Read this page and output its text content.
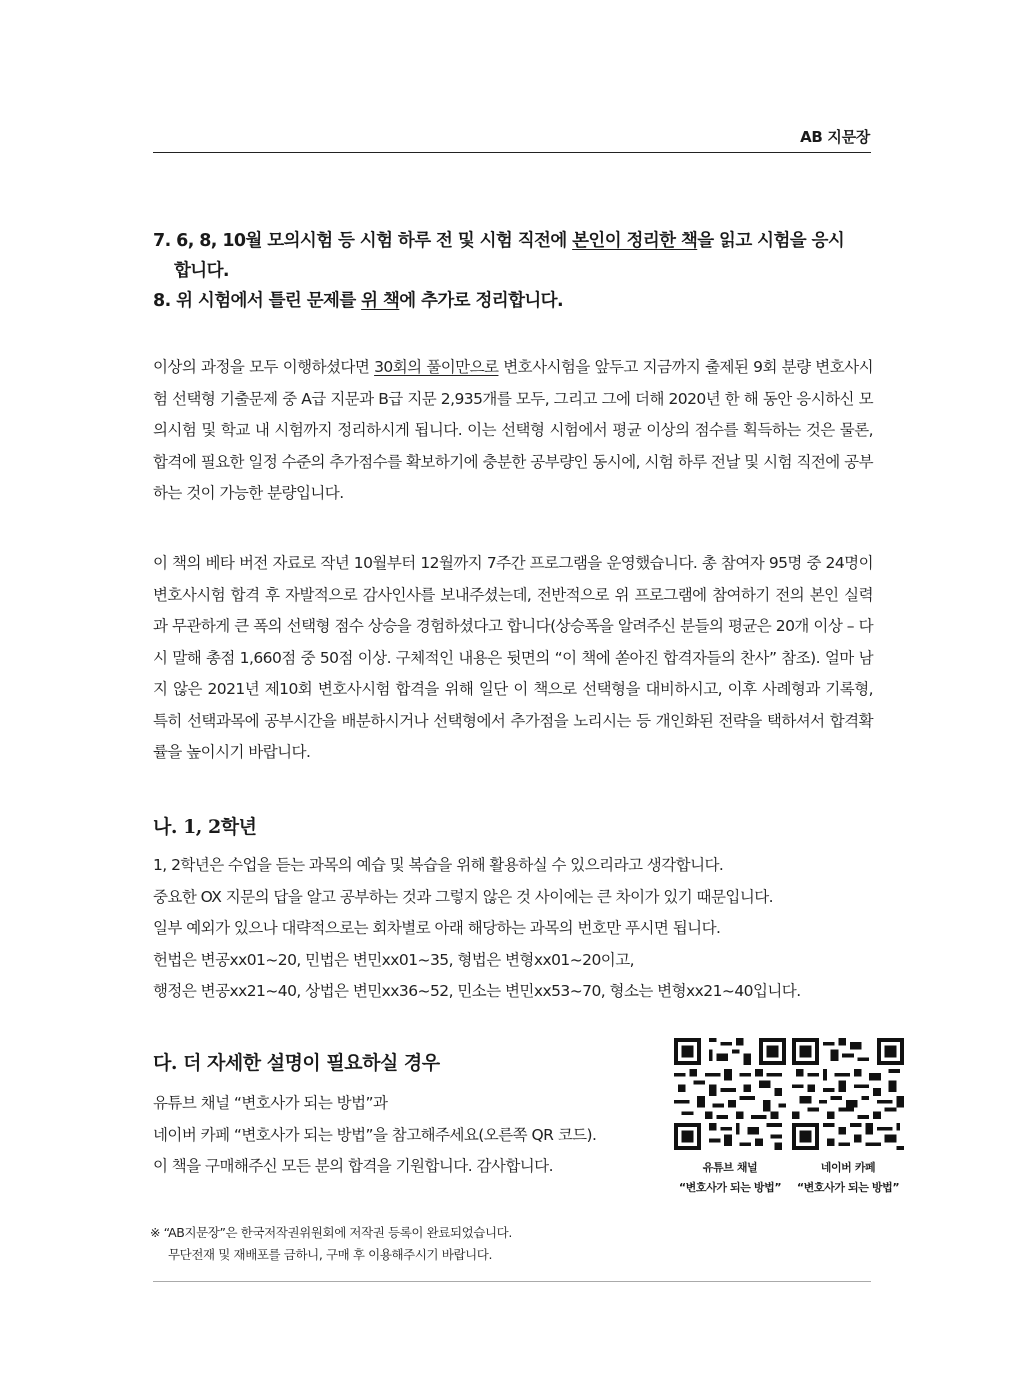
AB 지문장
7. 6, 8, 10월 모의시험 등 시험 하루 전 및 시험 직전에 본인이 정리한 책을 읽고 시험을 응시
합니다.
8. 위 시험에서 틀린 문제를 위 책에 추가로 정리합니다.
이상의 과정을 모두 이행하셨다면 30회의 풀이만으로 변호사시험을 앞두고 지금까지 출제된 9회 분량 변호사시험 선택형 기출문제 중 A급 지문과 B급 지문 2,935개를 모두, 그리고 그에 더해 2020년 한 해 동안 응시하신 모의시험 및 학교 내 시험까지 정리하시게 됩니다. 이는 선택형 시험에서 평균 이상의 점수를 획득하는 것은 물론, 합격에 필요한 일정 수준의 추가점수를 확보하기에 충분한 공부량인 동시에, 시험 하루 전날 및 시험 직전에 공부하는 것이 가능한 분량입니다.
이 책의 베타 버전 자료로 작년 10월부터 12월까지 7주간 프로그램을 운영했습니다. 총 참여자 95명 중 24명이 변호사시험 합격 후 자발적으로 감사인사를 보내주셨는데, 전반적으로 위 프로그램에 참여하기 전의 본인 실력과 무관하게 큰 폭의 선택형 점수 상승을 경험하셨다고 합니다(상승폭을 알려주신 분들의 평균은 20개 이상 – 다시 말해 총점 1,660점 중 50점 이상. 구체적인 내용은 뒷면의 “이 책에 쏟아진 합격자들의 찬사” 참조). 얼마 남지 않은 2021년 제10회 변호사시험 합격을 위해 일단 이 책으로 선택형을 대비하시고, 이후 사례형과 기록형, 특히 선택과목에 공부시간을 배분하시거나 선택형에서 추가점을 노리시는 등 개인화된 전략을 택하셔서 합격확률을 높이시기 바랍니다.
나. 1, 2학년
1, 2학년은 수업을 듣는 과목의 예습 및 복습을 위해 활용하실 수 있으리라고 생각합니다.
중요한 OX 지문의 답을 알고 공부하는 것과 그렇지 않은 것 사이에는 큰 차이가 있기 때문입니다.
일부 예외가 있으나 대략적으로는 회차별로 아래 해당하는 과목의 번호만 푸시면 됩니다.
헌법은 변공xx01~20, 민법은 변민xx01~35, 형법은 변형xx01~20이고,
행정은 변공xx21~40, 상법은 변민xx36~52, 민소는 변민xx53~70, 형소는 변형xx21~40입니다.
다. 더 자세한 설명이 필요하실 경우
유튜브 채널 “변호사가 되는 방법”과
네이버 카페 “변호사가 되는 방법”을 참고해주세요(오른쪽 QR 코드).
이 책을 구매해주신 모든 분의 합격을 기원합니다. 감사합니다.	유튜브 채널
“변호사가 되는 방법”
네이버 카페
“변호사가 되는 방법”
※ “AB지문장”은 한국저작권위원회에 저작권 등록이 완료되었습니다.
무단전재 및 재배포를 금하니, 구매 후 이용해주시기 바랍니다.
